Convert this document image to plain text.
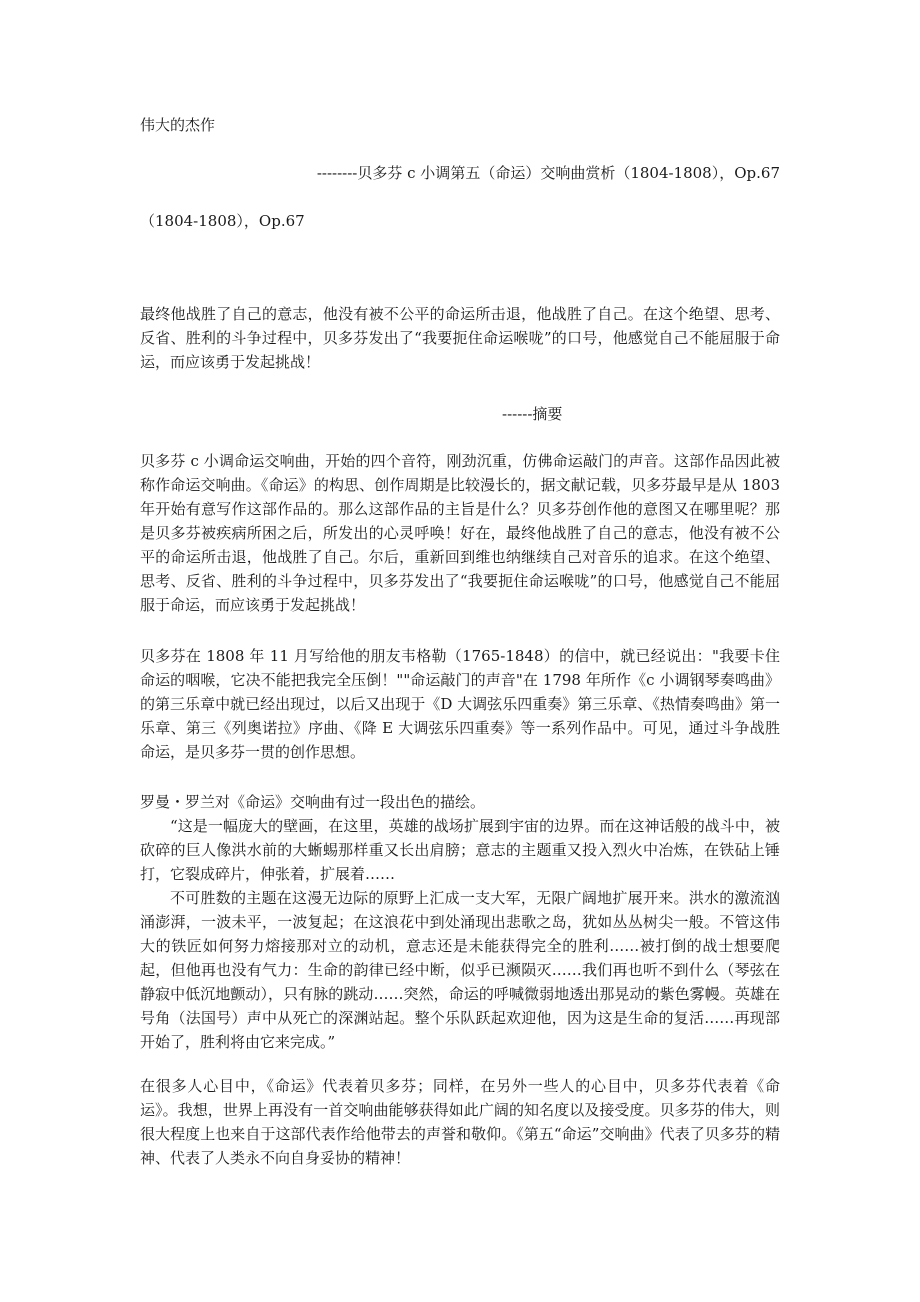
伟大的杰作
--------贝多芬 c 小调第五（命运）交响曲赏析（1804-1808），Op.67
（1804-1808），Op.67
最终他战胜了自己的意志，他没有被不公平的命运所击退，他战胜了自己。在这个绝望、思考、反省、胜利的斗争过程中，贝多芬发出了“我要扼住命运喉咙”的口号，他感觉自己不能屈服于命运，而应该勇于发起挑战！
------摘要
贝多芬 c 小调命运交响曲，开始的四个音符，刚劲沉重，仿佛命运敲门的声音。这部作品因此被称作命运交响曲。《命运》的构思、创作周期是比较漫长的，据文献记载，贝多芬最早是从 1803 年开始有意写作这部作品的。那么这部作品的主旨是什么？贝多芬创作他的意图又在哪里呢？那是贝多芬被疾病所困之后，所发出的心灵呼唤！好在，最终他战胜了自己的意志，他没有被不公平的命运所击退，他战胜了自己。尔后，重新回到维也纳继续自己对音乐的追求。在这个绝望、思考、反省、胜利的斗争过程中，贝多芬发出了“我要扼住命运喉咙”的口号，他感觉自己不能屈服于命运，而应该勇于发起挑战！
贝多芬在 1808 年 11 月写给他的朋友韦格勒（1765-1848）的信中，就已经说出："我要卡住命运的咽喉，它决不能把我完全压倒！""命运敲门的声音"在 1798 年所作《c 小调钢琴奏鸣曲》的第三乐章中就已经出现过，以后又出现于《D 大调弦乐四重奏》第三乐章、《热情奏鸣曲》第一乐章、第三《列奥诺拉》序曲、《降 E 大调弦乐四重奏》等一系列作品中。可见，通过斗争战胜命运，是贝多芬一贯的创作思想。
罗曼・罗兰对《命运》交响曲有过一段出色的描绘。
“这是一幅庞大的壁画，在这里，英雄的战场扩展到宇宙的边界。而在这神话般的战斗中，被砍碎的巨人像洪水前的大蜥蜴那样重又长出肩膀；意志的主题重又投入烈火中冶炼，在铁砧上锤打，它裂成碎片，伸张着，扩展着……
不可胜数的主题在这漫无边际的原野上汇成一支大军，无限广阔地扩展开来。洪水的激流汹涌澎湃，一波未平，一波复起；在这浪花中到处涌现出悲歌之岛，犹如丛丛树尖一般。不管这伟大的铁匠如何努力熔接那对立的动机，意志还是未能获得完全的胜利……被打倒的战士想要爬起，但他再也没有气力：生命的韵律已经中断，似乎已濒陨灭……我们再也听不到什么（琴弦在静寂中低沉地颤动），只有脉的跳动……突然，命运的呼喊微弱地透出那晃动的紫色雾幔。英雄在号角（法国号）声中从死亡的深渊站起。整个乐队跃起欢迎他，因为这是生命的复活……再现部开始了，胜利将由它来完成。”
在很多人心目中，《命运》代表着贝多芬；同样，在另外一些人的心目中，贝多芬代表着《命运》。我想，世界上再没有一首交响曲能够获得如此广阔的知名度以及接受度。贝多芬的伟大，则很大程度上也来自于这部代表作给他带去的声誉和敬仰。《第五“命运”交响曲》代表了贝多芬的精神、代表了人类永不向自身妥协的精神！
